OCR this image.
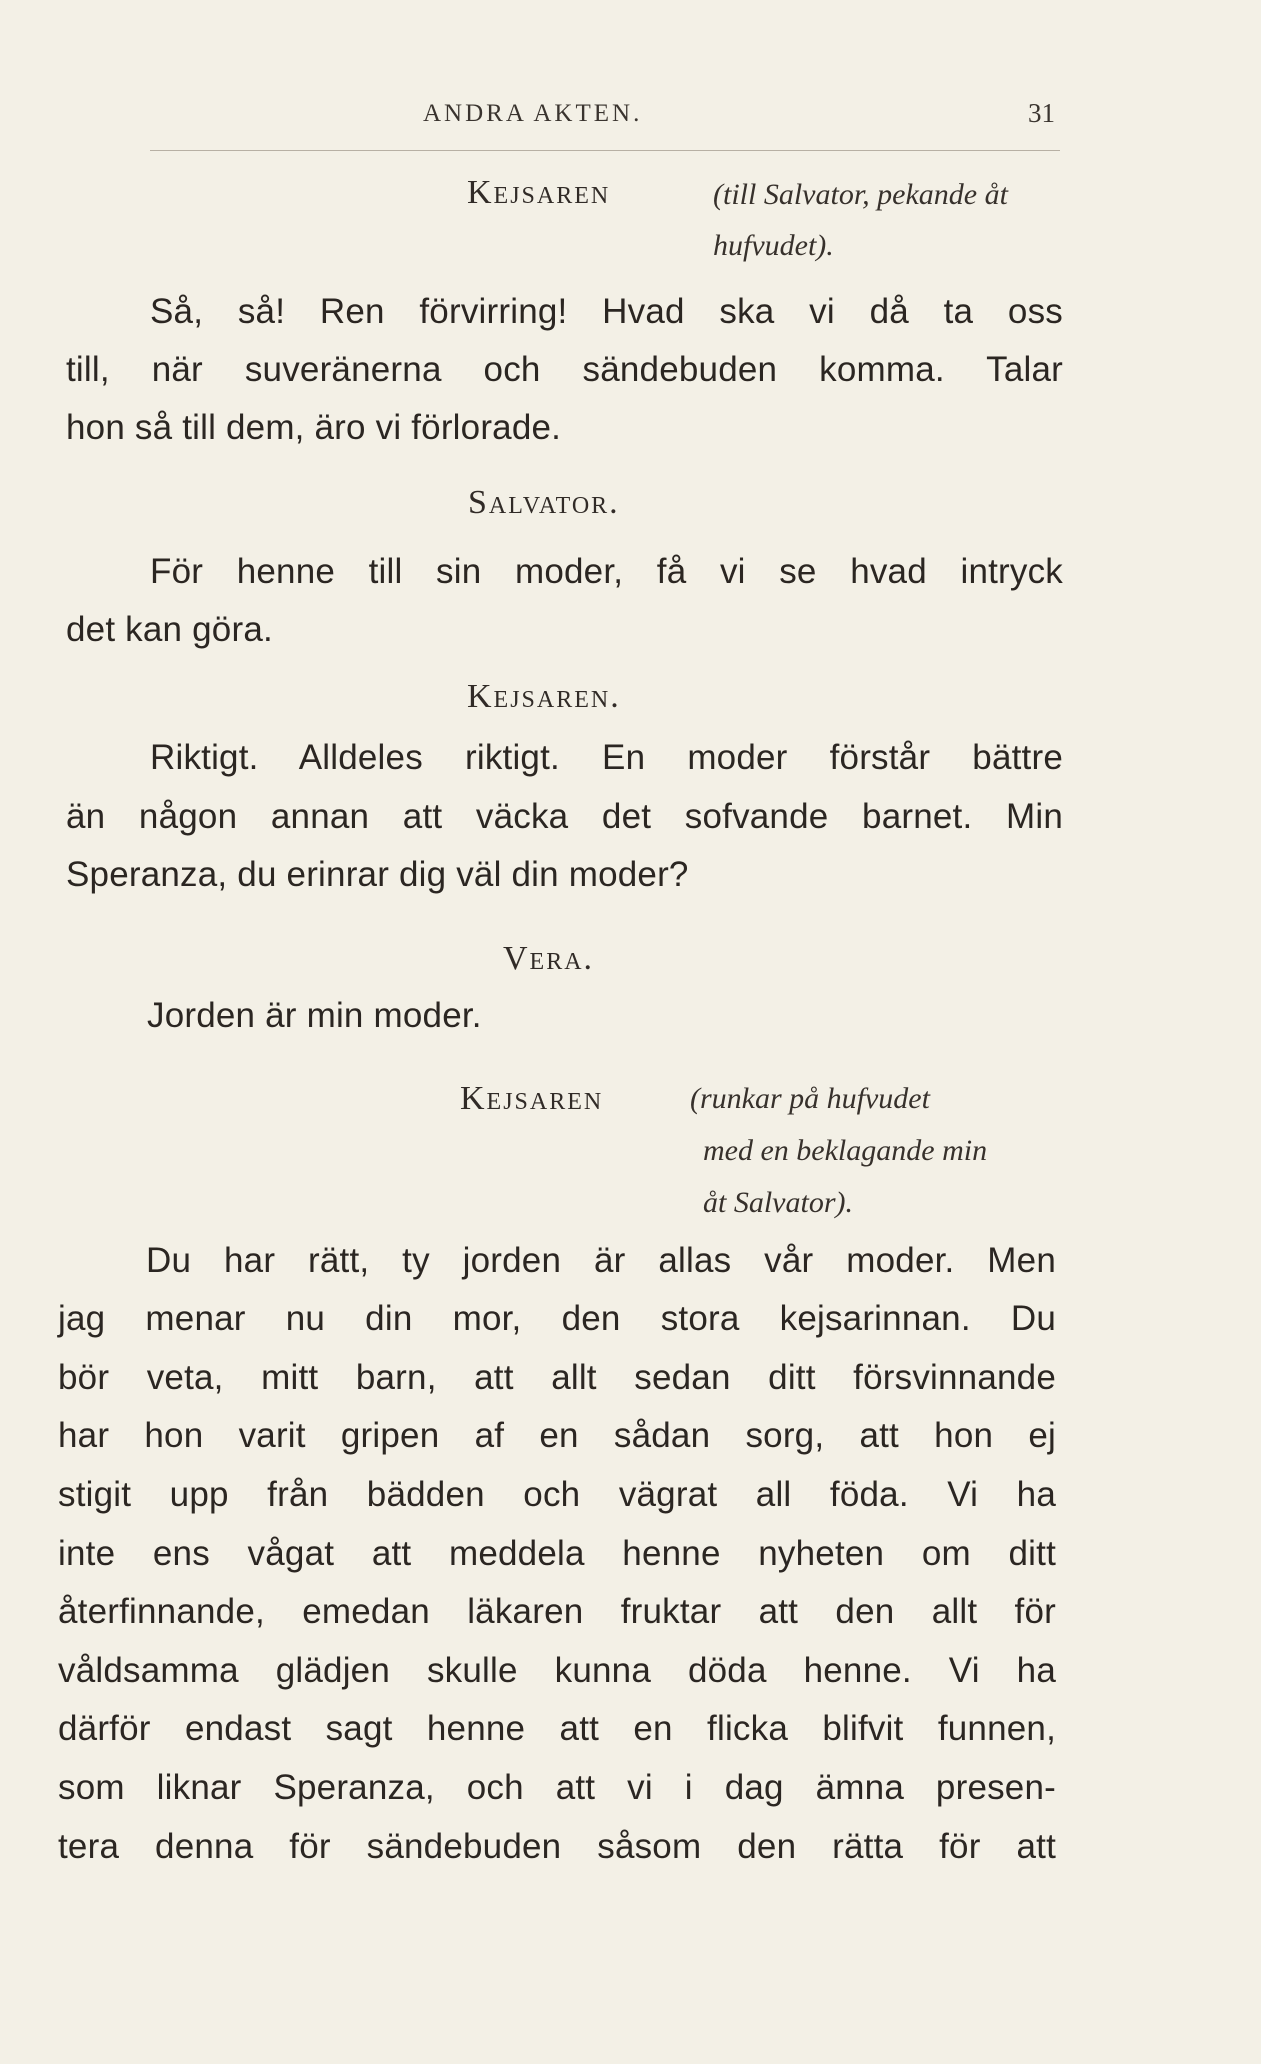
ANDRA AKTEN.	31
Kejsaren	(till Salvator, pekande åt
hufvudet).
Så, så! Ren förvirring! Hvad ska vi då ta oss
till, när suveränerna och sändebuden komma. Talar
hon så till dem, äro vi förlorade.
Salvator.
För henne till sin moder, få vi se hvad intryck
det kan göra.
Kejsaren.
Riktigt. Alldeles riktigt. En moder förstår bättre
än någon annan att väcka det sofvande barnet. Min
Speranza, du erinrar dig väl din moder?
Vera.
Jorden är min moder.
Kejsaren	(runkar på hufvudet
med en beklagande min
åt Salvator).
Du har rätt, ty jorden är allas vår moder. Men
jag menar nu din mor, den stora kejsarinnan. Du
bör veta, mitt barn, att allt sedan ditt försvinnande
har hon varit gripen af en sådan sorg, att hon ej
stigit upp från bädden och vägrat all föda. Vi ha
inte ens vågat att meddela henne nyheten om ditt
återfinnande, emedan läkaren fruktar att den allt för
våldsamma glädjen skulle kunna döda henne. Vi ha
därför endast sagt henne att en flicka blifvit funnen,
som liknar Speranza, och att vi i dag ämna presen-
tera denna för sändebuden såsom den rätta för att
